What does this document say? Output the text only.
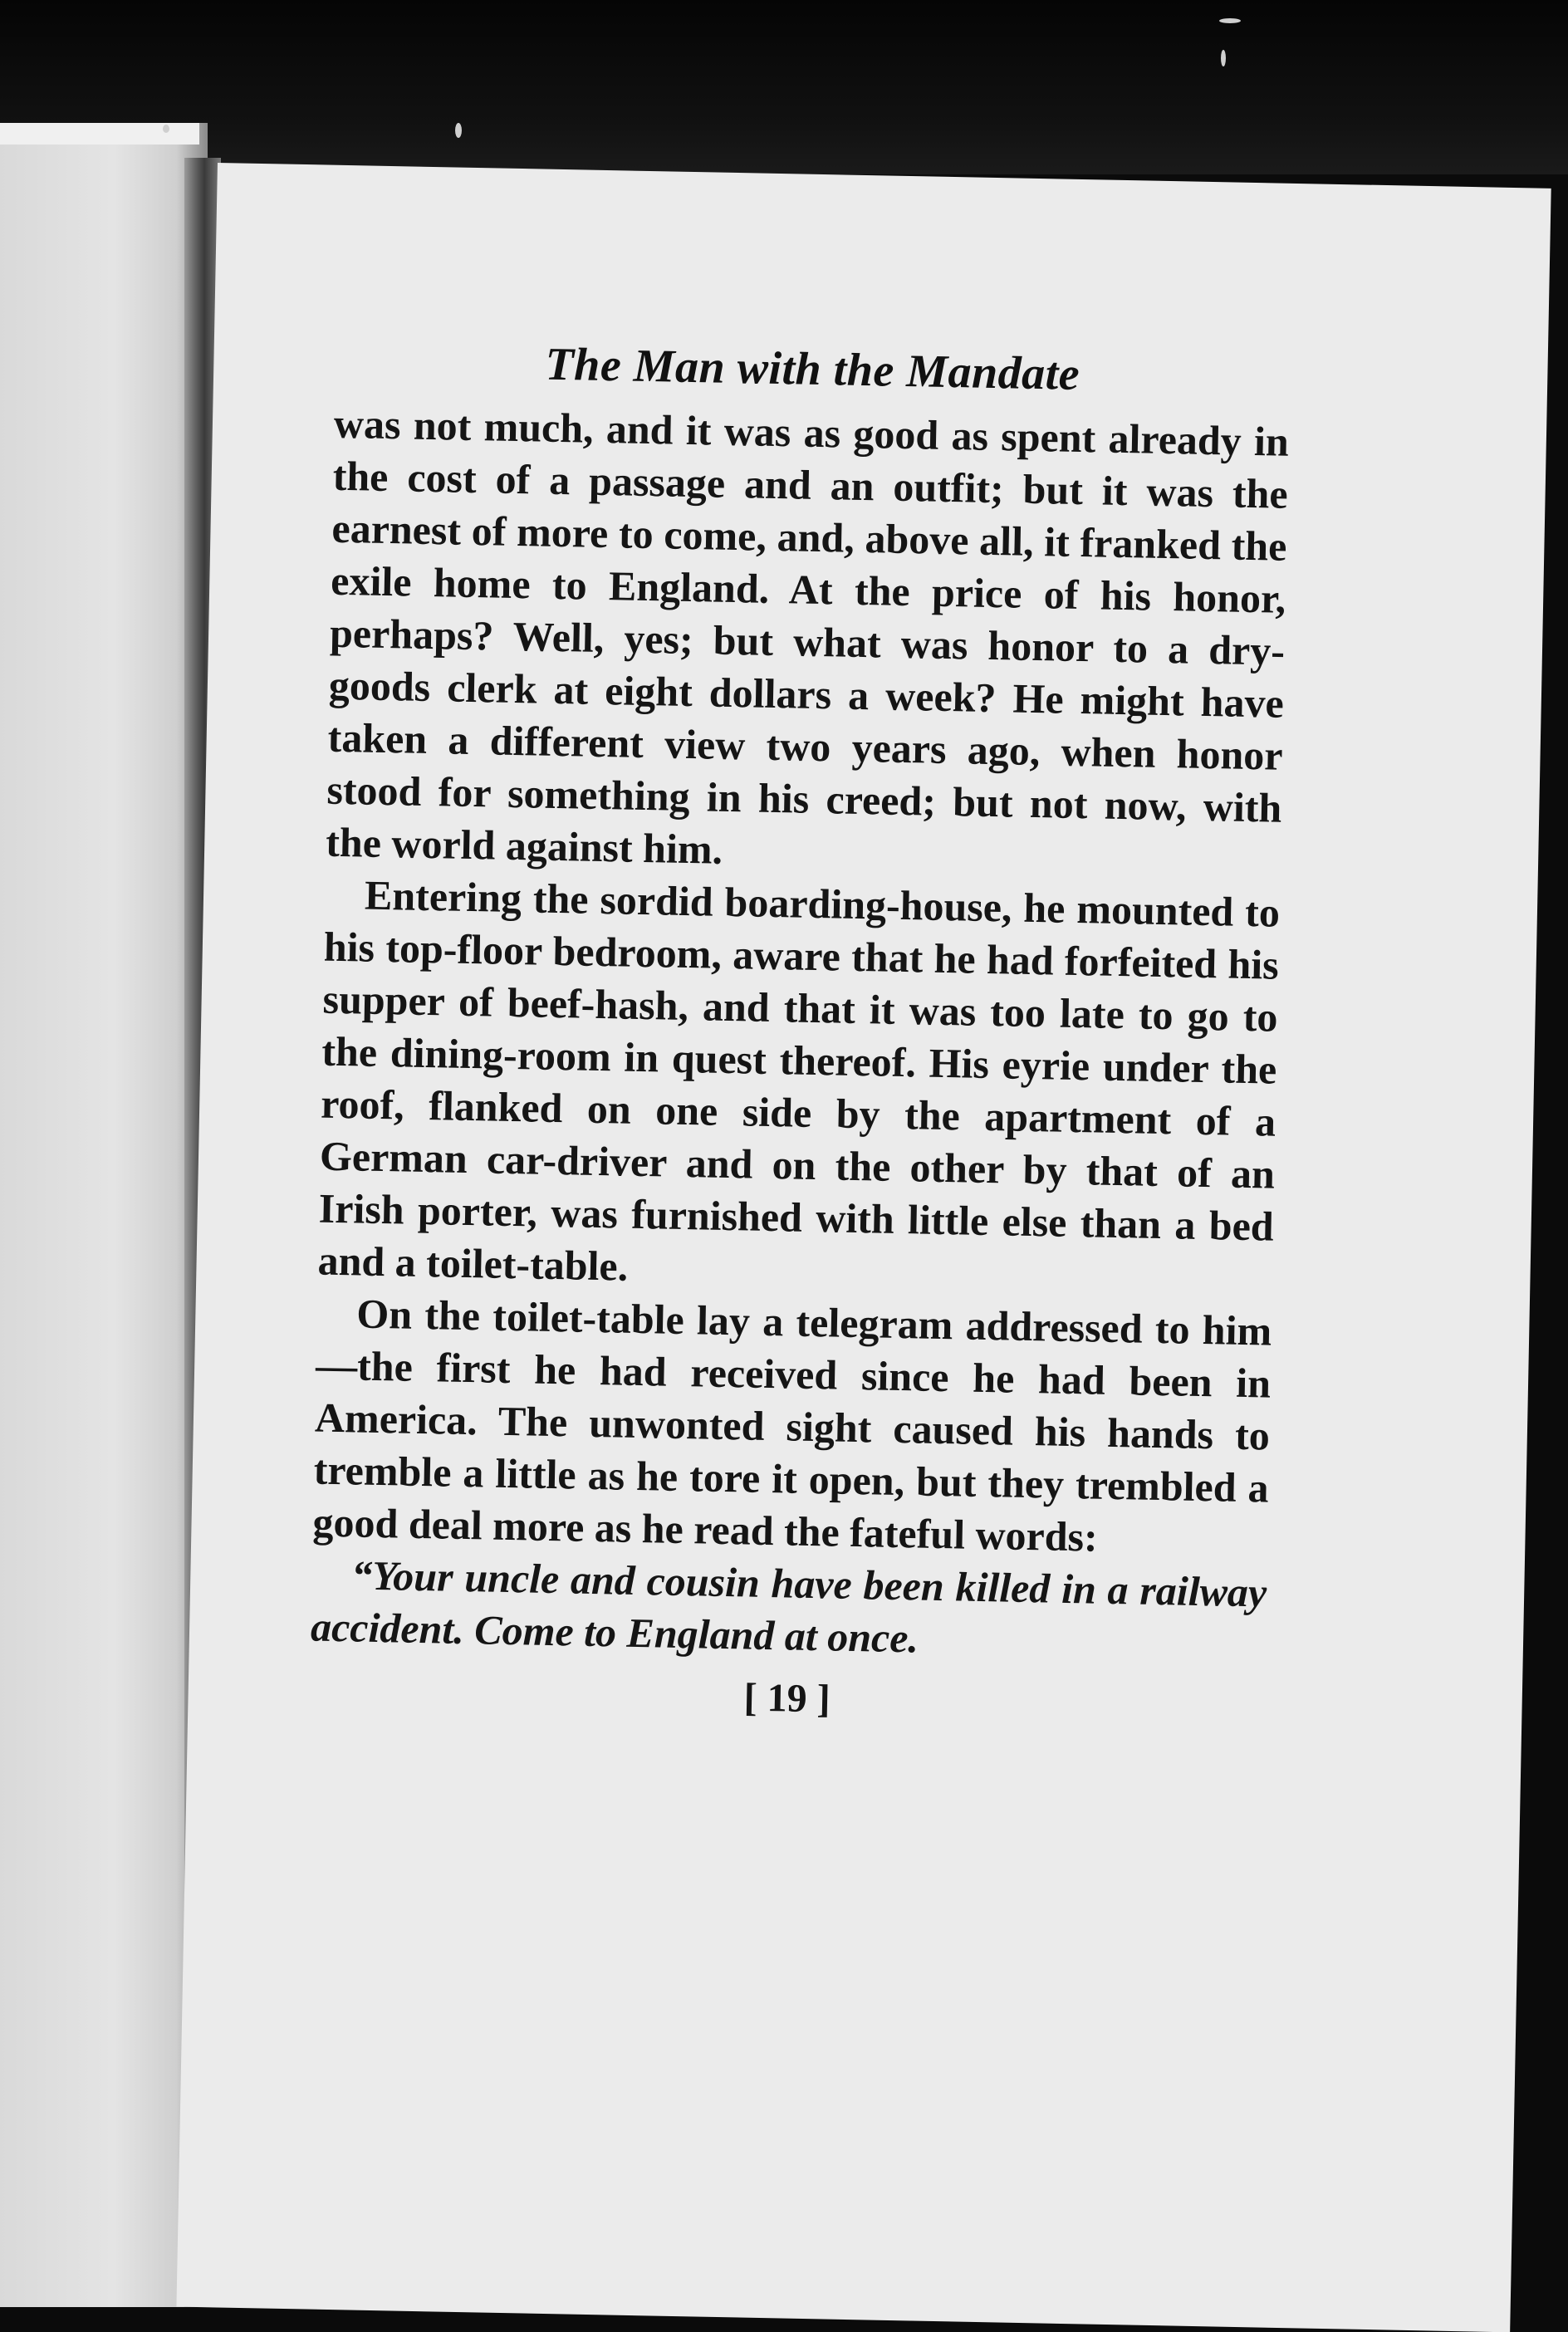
The Man with the Mandate

was not much, and it was as good as spent already in the cost of a passage and an outfit; but it was the earnest of more to come, and, above all, it franked the exile home to England. At the price of his honor, perhaps? Well, yes; but what was honor to a dry-goods clerk at eight dollars a week? He might have taken a different view two years ago, when honor stood for something in his creed; but not now, with the world against him.

Entering the sordid boarding-house, he mounted to his top-floor bedroom, aware that he had forfeited his supper of beef-hash, and that it was too late to go to the dining-room in quest thereof. His eyrie under the roof, flanked on one side by the apartment of a German car-driver and on the other by that of an Irish porter, was furnished with little else than a bed and a toilet-table.

On the toilet-table lay a telegram addressed to him—the first he had received since he had been in America. The unwonted sight caused his hands to tremble a little as he tore it open, but they trembled a good deal more as he read the fateful words:

“Your uncle and cousin have been killed in a railway accident. Come to England at once.

[ 19 ]
